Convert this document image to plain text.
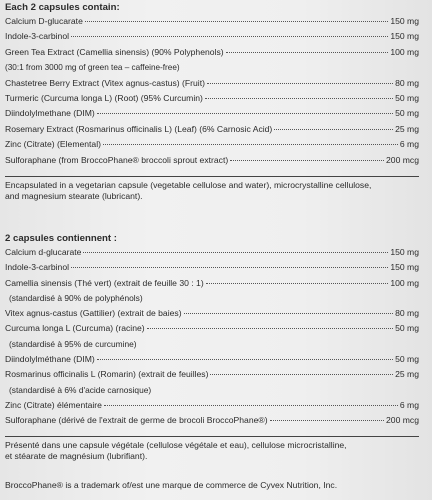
Each 2 capsules contain:
Calcium D-glucarate	150 mg
Indole-3-carbinol	150 mg
Green Tea Extract (Camellia sinensis) (90% Polyphenols)	100 mg
(30:1 from 3000 mg of green tea – caffeine-free)
Chastetree Berry Extract (Vitex agnus-castus) (Fruit)	80 mg
Turmeric (Curcuma longa L) (Root) (95% Curcumin)	50 mg
Diindolylmethane (DIM)	50 mg
Rosemary Extract (Rosmarinus officinalis L) (Leaf) (6% Carnosic Acid)	25 mg
Zinc (Citrate) (Elemental)	6 mg
Sulforaphane (from BroccoPhane® broccoli sprout extract)	200 mcg
Encapsulated in a vegetarian capsule (vegetable cellulose and water), microcrystalline cellulose,
and magnesium stearate (lubricant).
2 capsules contiennent :
Calcium d-glucarate	150 mg
Indole-3-carbinol	150 mg
Camellia sinensis (Thé vert) (extrait de feuille 30 : 1)	100 mg
(standardisé à 90% de polyphénols)
Vitex agnus-castus (Gattilier) (extrait de baies)	80 mg
Curcuma longa L (Curcuma) (racine)	50 mg
(standardisé à 95% de curcumine)
Diindolylméthane (DIM)	50 mg
Rosmarinus officinalis L (Romarin) (extrait de feuilles)	25 mg
(standardisé à 6% d'acide carnosique)
Zinc (Citrate) élémentaire	6 mg
Sulforaphane (dérivé de l'extrait de germe de brocoli BroccoPhane®)	200 mcg
Présenté dans une capsule végétale (cellulose végétale et eau), cellulose microcristalline,
et stéarate de magnésium (lubrifiant).
BroccoPhane® is a trademark of/est une marque de commerce de Cyvex Nutrition, Inc.
